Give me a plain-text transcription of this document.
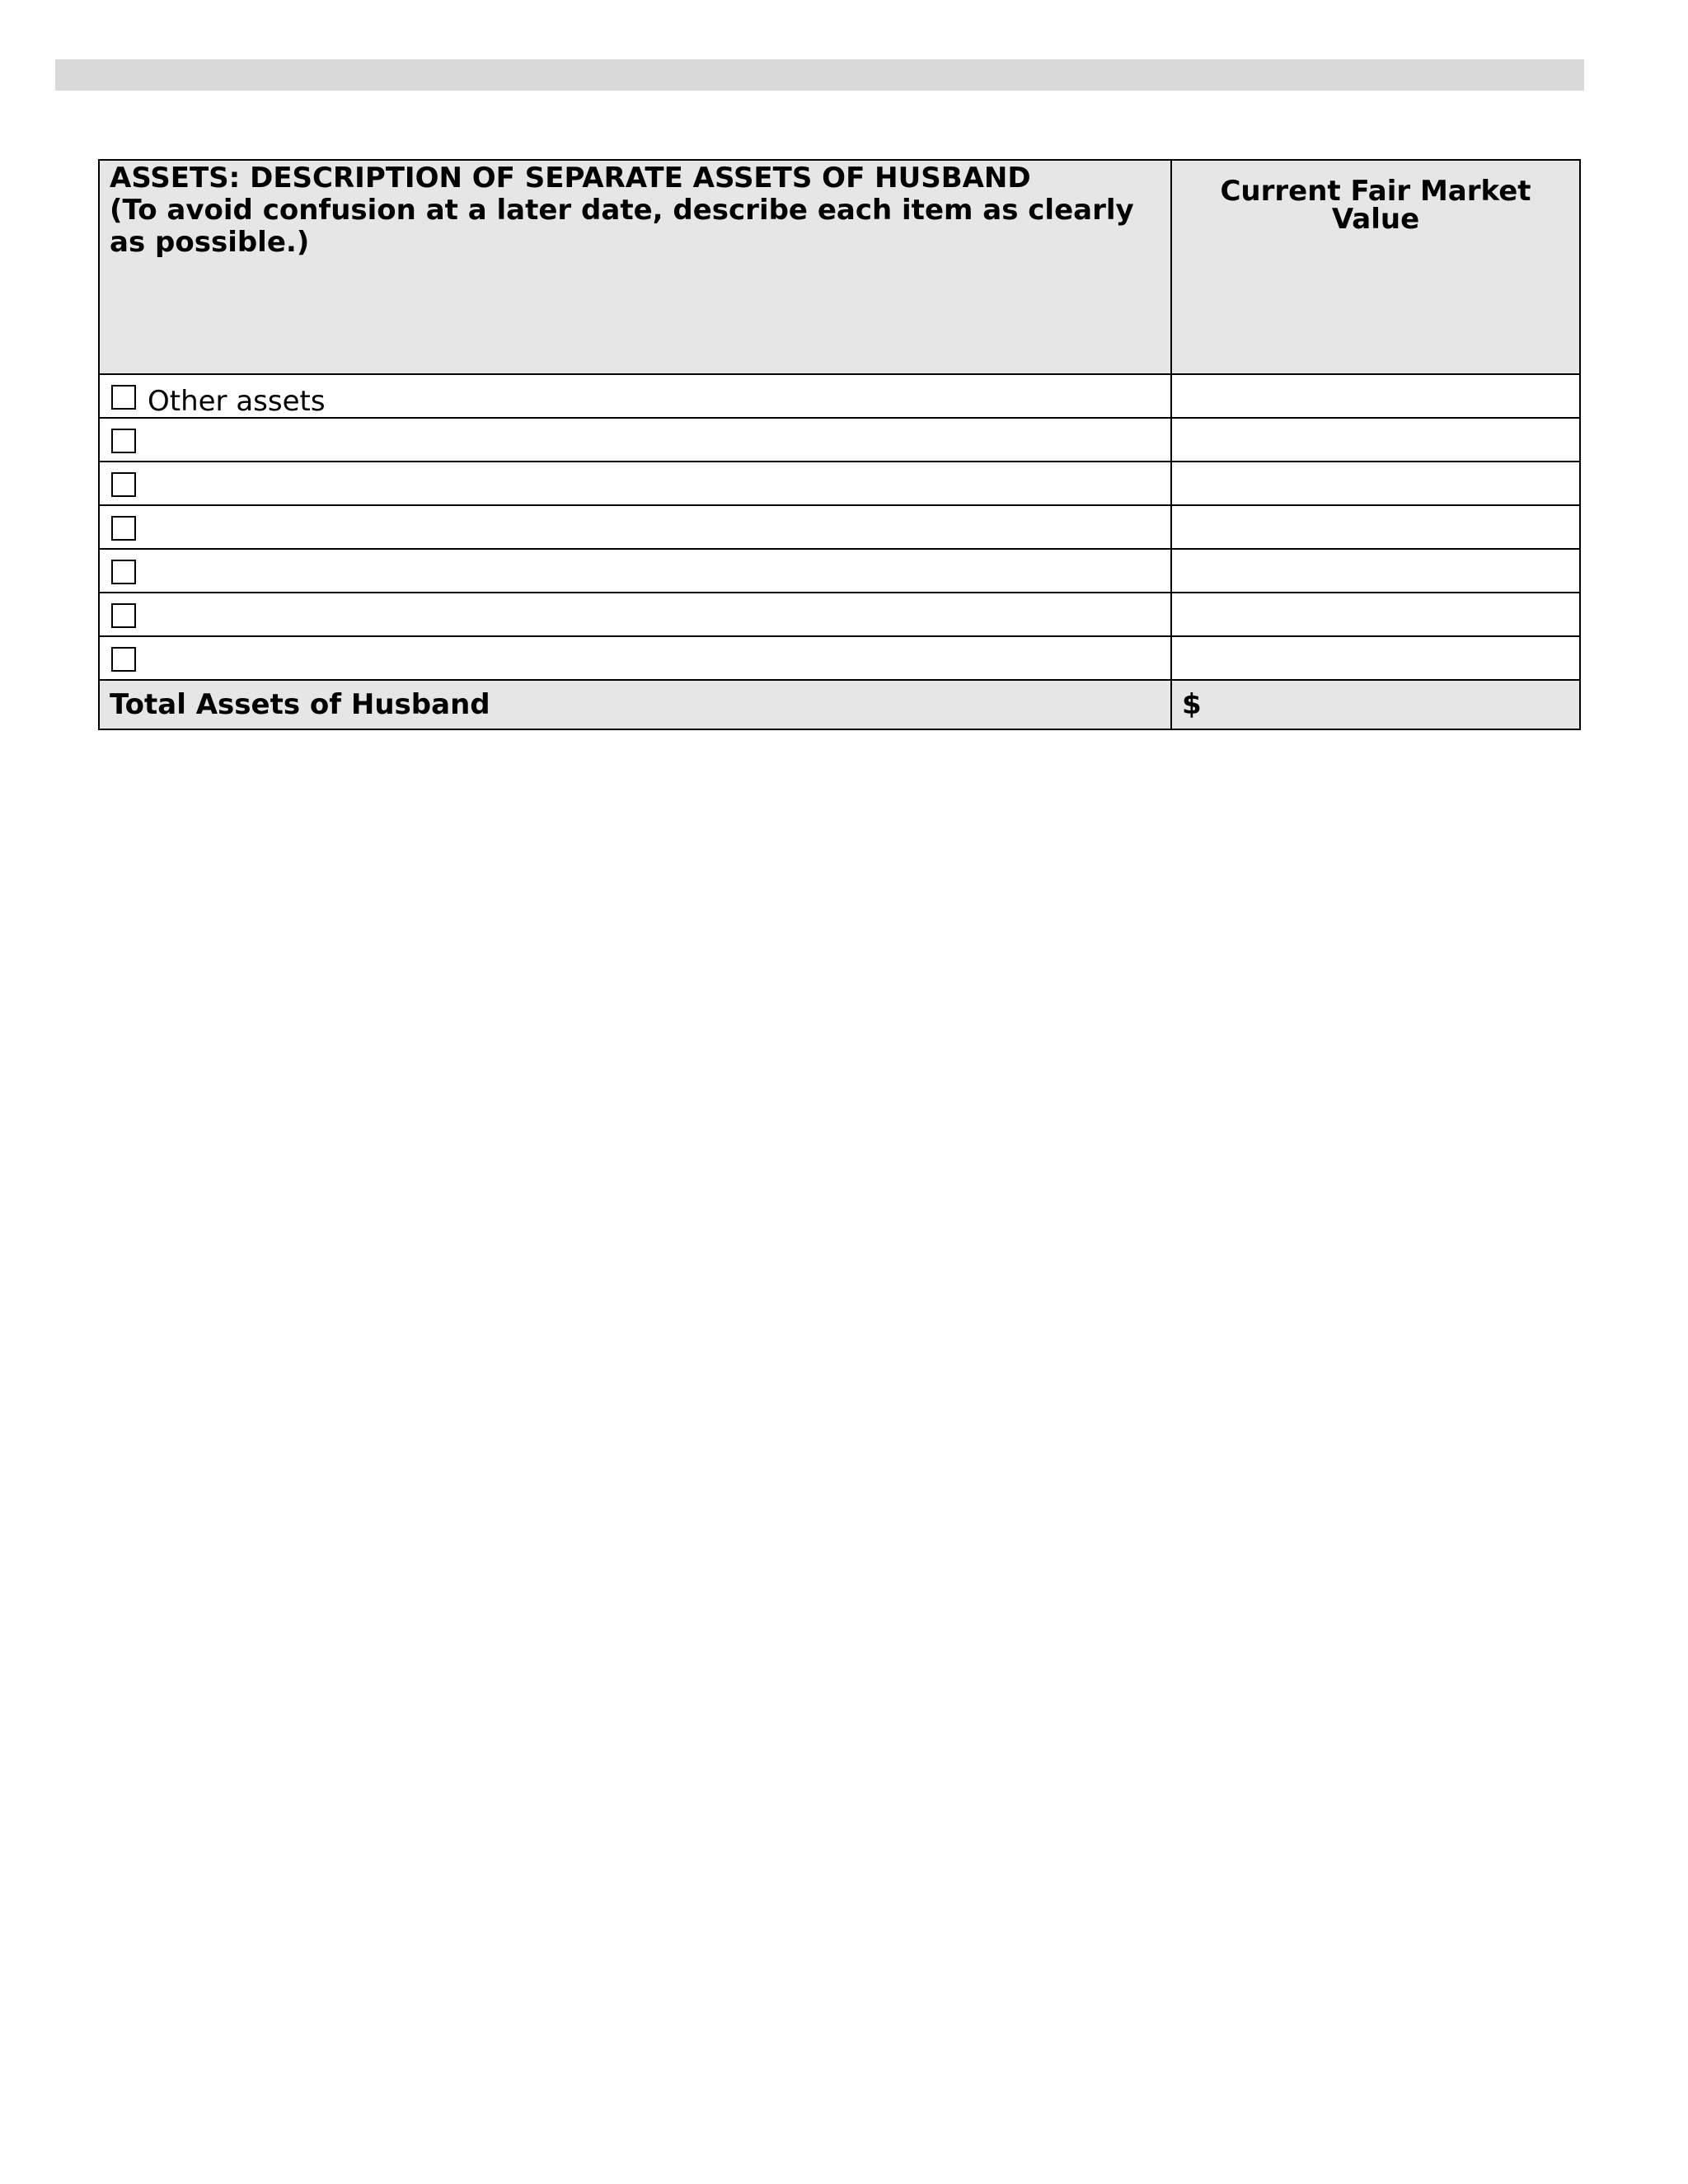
ASSETS: DESCRIPTION OF SEPARATE ASSETS OF HUSBAND
(To avoid confusion at a later date, describe each item as clearly as possible.)	Current Fair Market Value

Other assets	

Total Assets of Husband	$
